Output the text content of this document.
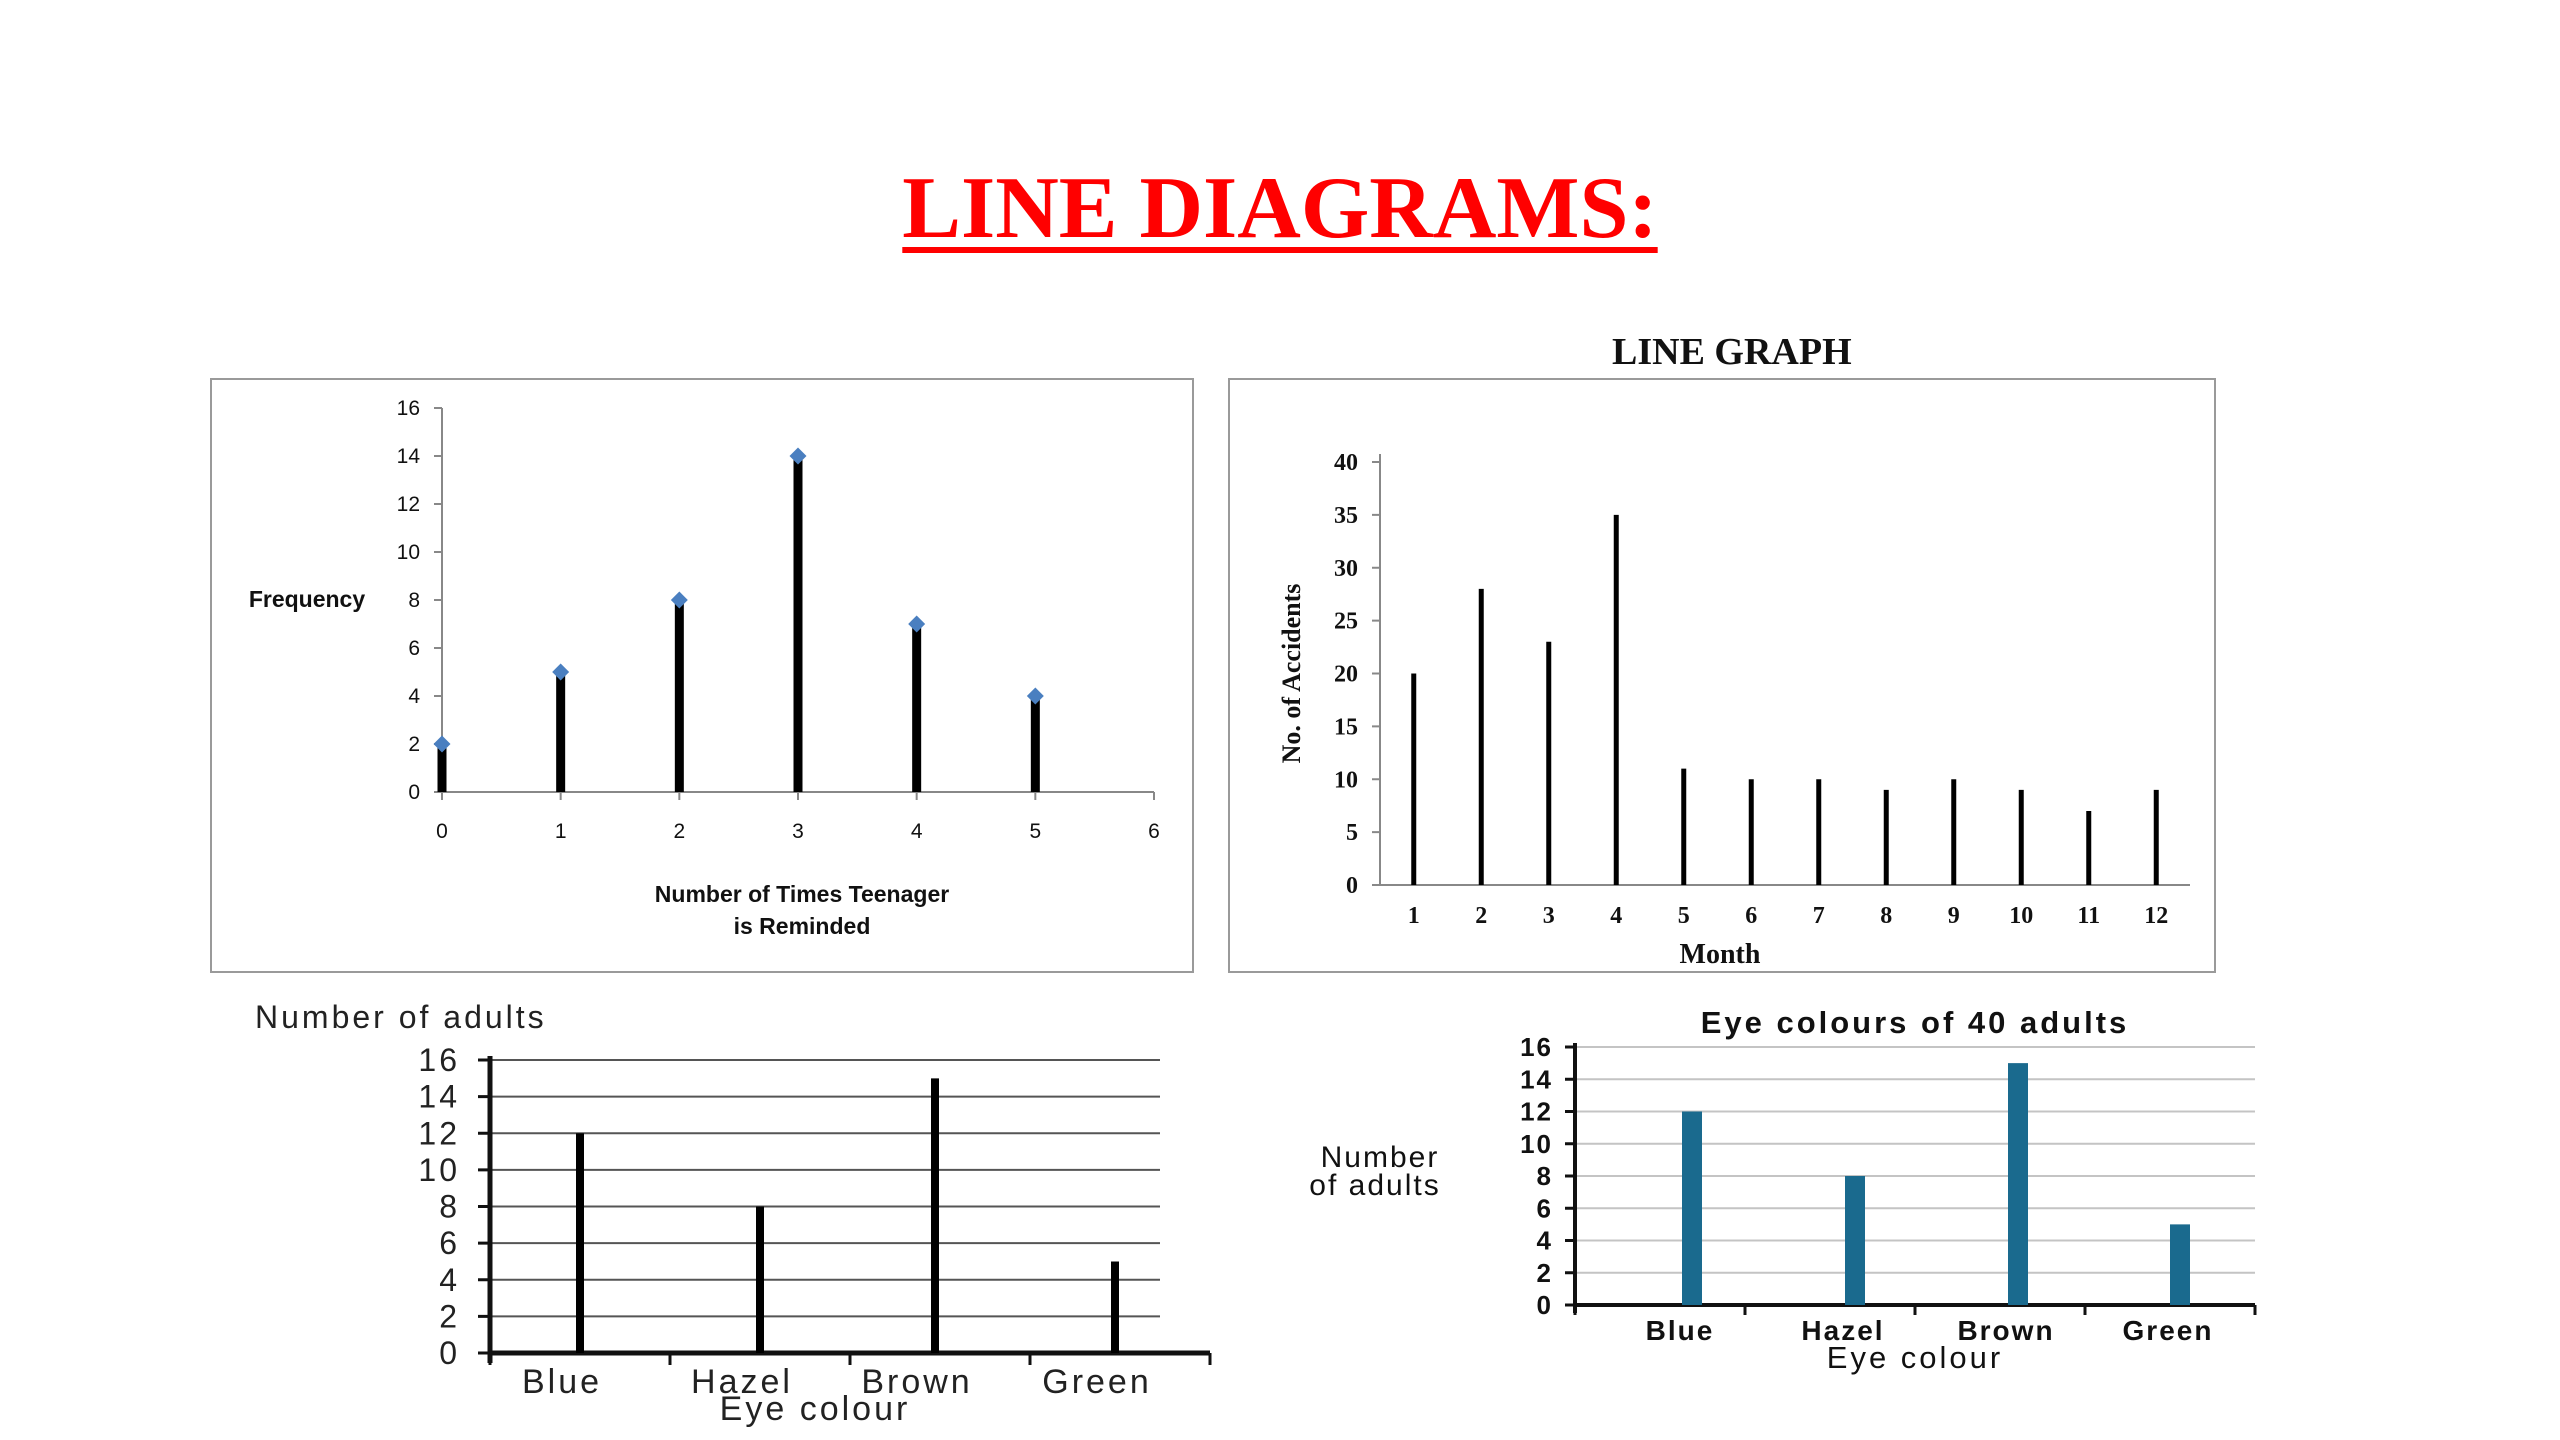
LINE DIAGRAMS:
0
2
4
6
8
10
12
14
16
0	1	2	3	4	5	6
Frequency
Number of Times Teenager
is Reminded
LINE GRAPH
0
5
10
15
20
25
30
35
40
1 2 3 4 5 6 7 8 9 10 11 12
No. of Accidents
Month
0
2
4
6
8
10
12
14
16
Blue	Hazel Brown Green
Number of adults
Eye colour
0
2
4
6
8
10
12
14
16
Blue	Hazel	Brown Green
Eye colours of 40 adults
Number
of adults
Eye colour
